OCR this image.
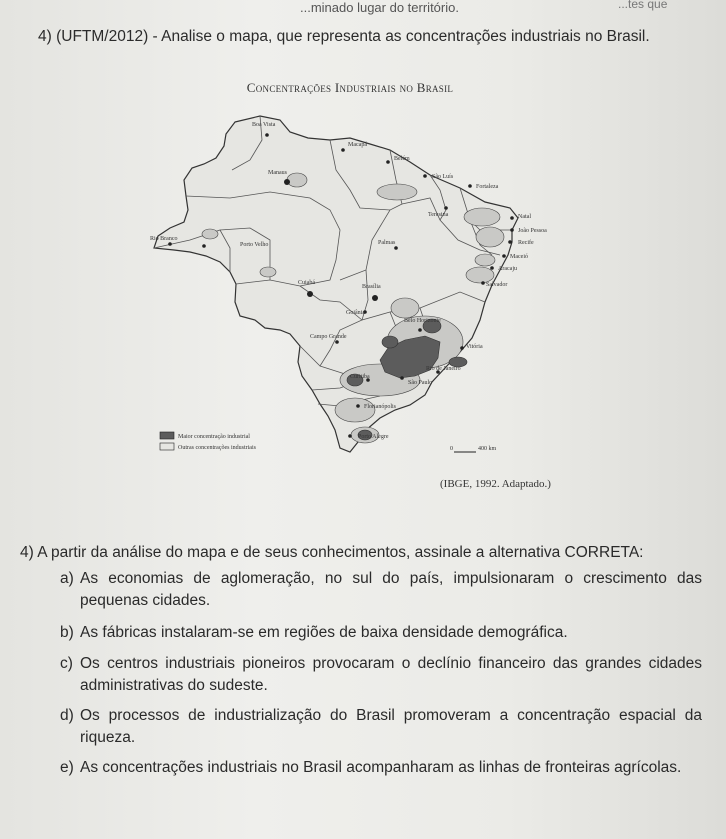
...minado lugar do território.	...tes que
4) (UFTM/2012) - Analise o mapa, que representa as concentrações industriais no Brasil.
Concentrações Industriais no Brasil
Boa Vista
Macapá
Belém
Manaus
São Luís
Fortaleza
Teresina	Natal
João Pessoa
Recife
Maceió
Aracaju
Rio Branco
Porto Velho	Palmas
Salvador
Cuiabá
Brasília
Goiânia
Belo Horizonte
Campo Grande
Vitória
Rio de Janeiro
Curitiba
São Paulo
Florianópolis
Porto Alegre
Maior concentração industrial
Outras concentrações industriais	0	400 km
(IBGE, 1992. Adaptado.)
4) A partir da análise do mapa e de seus conhecimentos, assinale a alternativa CORRETA:
a) As economias de aglomeração, no sul do país, impulsionaram o crescimento das pequenas cidades.
b) As fábricas instalaram-se em regiões de baixa densidade demográfica.
c) Os centros industriais pioneiros provocaram o declínio financeiro das grandes cidades administrativas do sudeste.
d) Os processos de industrialização do Brasil promoveram a concentração espacial da riqueza.
e) As concentrações industriais no Brasil acompanharam as linhas de fronteiras agrícolas.
